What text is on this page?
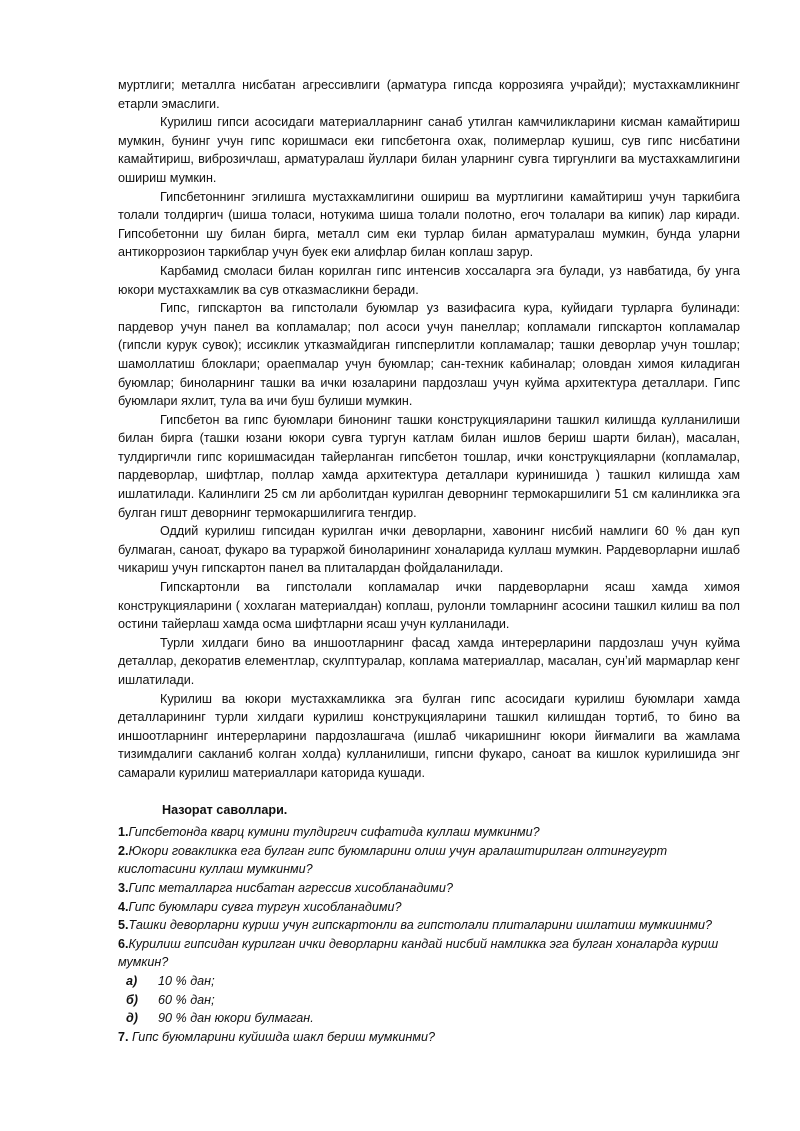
муртлиги; металлга нисбатан агрессивлиги (арматура гипсда коррозияга учрайди); мустахкамликнинг етарли эмаслиги.

Курилиш гипси асосидаги материалларнинг санаб утилган камчиликларини кисман камайтириш мумкин, бунинг учун гипс коришмаси еки гипсбетонга охак, полимерлар кушиш, сув гипс нисбатини камайтириш, виброзичлаш, арматуралаш йуллари билан уларнинг сувга тиргунлиги ва мустахкамлигини ошириш мумкин.

Гипсбетоннинг эгилишга мустахкамлигини ошириш ва муртлигини камайтириш учун таркибига толали толдиргич (шиша толаси, нотукима шиша толали полотно, егоч толалари ва кипик) лар киради. Гипсобетонни шу билан бирга, металл сим еки турлар билан арматуралаш мумкин, бунда уларни антикоррозион таркиблар учун буек еки алифлар билан коплаш зарур.

Карбамид смоласи билан корилган гипс интенсив хоссаларга эга булади, уз навбатида, бу унга юкори мустахкамлик ва сув отказмасликни беради.

Гипс, гипскартон ва гипстолали буюмлар уз вазифасига кура, куйидаги турларга булинади: пардевор учун панел ва копламалар; пол асоси учун панеллар; копламали гипскартон копламалар (гипсли курук сувок); иссиклик утказмайдиган гипсперлитли копламалар; ташки деворлар учун тошлар; шамоллатиш блоклари; ораепмалар учун буюмлар; сан-техник кабиналар; оловдан химоя киладиган буюмлар; биноларнинг ташки ва ички юзаларини пардозлаш учун куйма архитектура деталлари. Гипс буюмлари яхлит, тула ва ичи буш булиши мумкин.

Гипсбетон ва гипс буюмлари бинонинг ташки конструкцияларини ташкил килишда кулланилиши билан бирга (ташки юзани юкори сувга тургун катлам билан ишлов бериш шарти билан), масалан, тулдиргичли гипс коришмасидан тайерланган гипсбетон тошлар, ички конструкцияларни (копламалар, пардеворлар, шифтлар, поллар хамда архитектура деталлари куринишида ) ташкил килишда хам ишлатилади. Калинлиги 25 см ли арболитдан курилган деворнинг термокаршилиги 51 см калинликка эга булган гишт деворнинг термокаршилигига тенгдир.

Оддий курилиш гипсидан курилган ички деворларни, хавонинг нисбий намлиги 60 % дан куп булмаган, саноат, фукаро ва тураржой биноларининг хоналарида куллаш мумкин. Рардеворларни ишлаб чикариш учун гипскартон панел ва плиталардан фойдаланилади.

Гипскартонли ва гипстолали копламалар ички пардеворларни ясаш хамда химоя конструкцияларини ( хохлаган материалдан) коплаш, рулонли томларнинг асосини ташкил килиш ва пол остини тайерлаш хамда осма шифтларни ясаш учун кулланилади.

Турли хилдаги бино ва иншоотларнинг фасад хамда интерерларини пардозлаш учун куйма деталлар, декоратив елементлар, скулптуралар, коплама материаллар, масалан, сунʼий мармарлар кенг ишлатилади.

Курилиш ва юкори мустахкамликка эга булган гипс асосидаги курилиш буюмлари хамда деталларининг турли хилдаги курилиш конструкцияларини ташкил килишдан тортиб, то бино ва иншоотларнинг интерерларини пардозлашгача (ишлаб чикаришнинг юкори йиғмалиги ва жамлама тизимдалиги сакланиб колган холда) кулланилиши, гипсни фукаро, саноат ва кишлок курилишида энг самарали курилиш материаллари каторида кушади.

Назорат саволлари.

1.Гипсбетонда кварц кумини тулдиргич сифатида куллаш мумкинми?

2.Юкори говакликка ега булган гипс буюмларини олиш учун аралаштирилган олтингугурт кислотасини куллаш мумкинми?

3.Гипс металларга нисбатан агрессив хисобланадими?

4.Гипс буюмлари сувга тургун хисобланадими?

5.Ташки деворларни куриш учун гипскартонли ва гипстолали плиталарини ишлатиш мумкиинми?

6.Курилиш гипсидан курилган ички деворларни кандай нисбий намликка эга булган хоналарда куриш мумкин?

а)	10 % дан;
б)	60 % дан;
д)	90 % дан юкори булмаган.

7. Гипс буюмларини куйишда шакл бериш мумкинми?
